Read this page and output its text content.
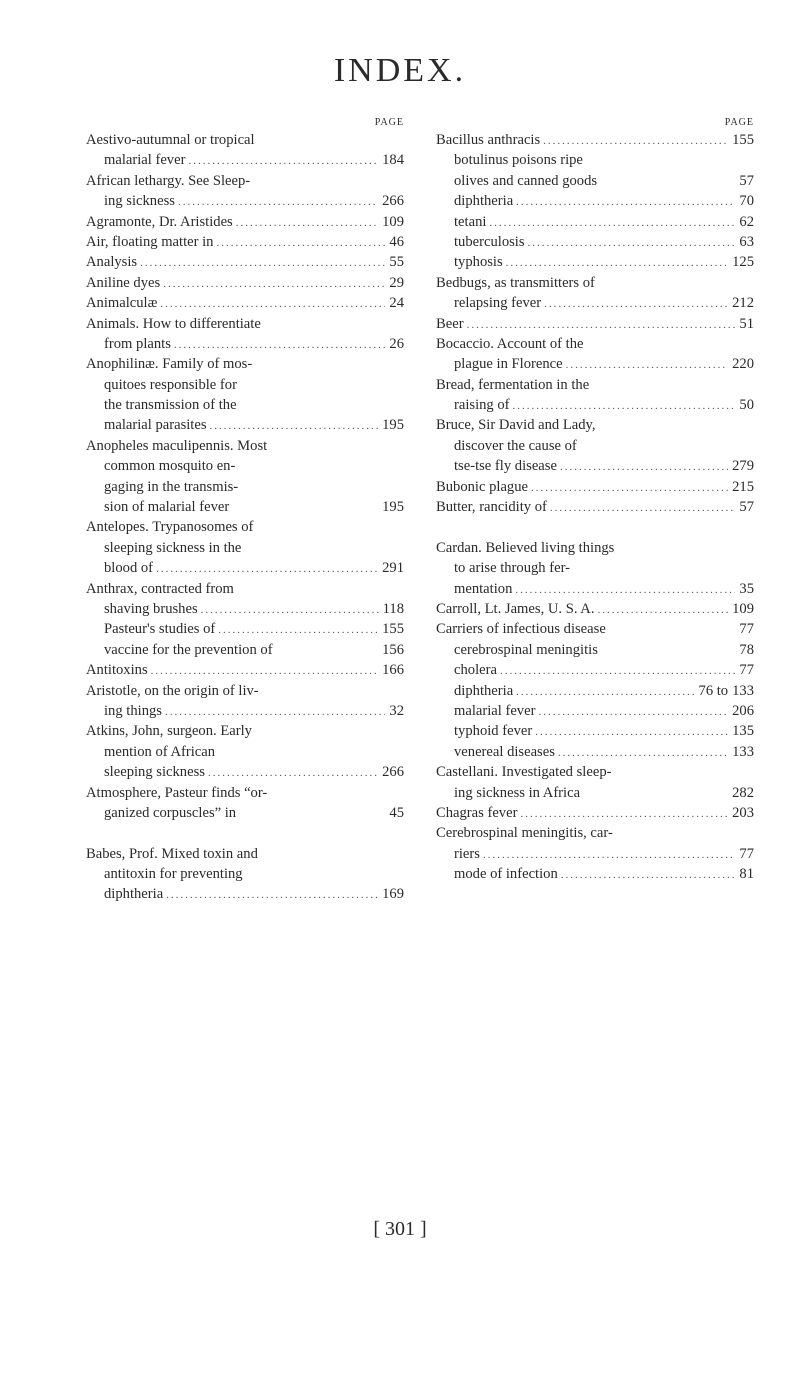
INDEX.
PAGE
Aestivo-autumnal or tropical
malarial fever .....	184
African lethargy. See Sleep-
ing sickness .....	266
Agramonte, Dr. Aristides .....	109
Air, floating matter in .....	46
Analysis .....	55
Aniline dyes .....	29
Animalculæ .....	24
Animals. How to differentiate
from plants .....	26
Anophilinæ. Family of mos-
quitoes responsible for
the transmission of the
malarial parasites .....	195
Anopheles maculipennis. Most
common mosquito en-
gaging in the transmis-
sion of malarial fever	195
Antelopes. Trypanosomes of
sleeping sickness in the
blood of .....	291
Anthrax, contracted from
shaving brushes .....	118
Pasteur's studies of .....	155
vaccine for the prevention of	156
Antitoxins .....	166
Aristotle, on the origin of liv-
ing things .....	32
Atkins, John, surgeon. Early
mention of African
sleeping sickness .....	266
Atmosphere, Pasteur finds “or-
ganized corpuscles” in	45
Babes, Prof. Mixed toxin and
antitoxin for preventing
diphtheria .....	169
PAGE
Bacillus anthracis .....	155
botulinus poisons ripe
olives and canned goods	57
diphtheria .....	70
tetani .....	62
tuberculosis .....	63
typhosis .....	125
Bedbugs, as transmitters of
relapsing fever .....	212
Beer .....	51
Bocaccio. Account of the
plague in Florence .....	220
Bread, fermentation in the
raising of .....	50
Bruce, Sir David and Lady,
discover the cause of
tse-tse fly disease .....	279
Bubonic plague .....	215
Butter, rancidity of .....	57
Cardan. Believed living things
to arise through fer-
mentation .....	35
Carroll, Lt. James, U. S. A. .....	109
Carriers of infectious disease	77
cerebrospinal meningitis	78
cholera .....	77
diphtheria .....	76 to 133
malarial fever .....	206
typhoid fever .....	135
venereal diseases .....	133
Castellani. Investigated sleep-
ing sickness in Africa	282
Chagras fever .....	203
Cerebrospinal meningitis, car-
riers .....	77
mode of infection .....	81
[ 301 ]
